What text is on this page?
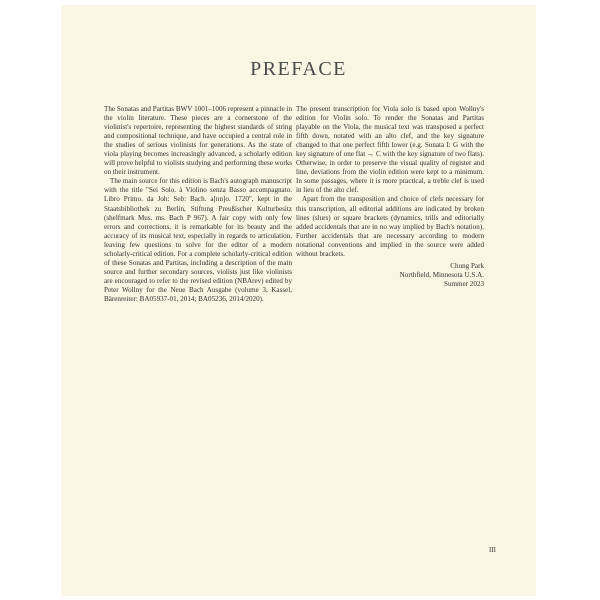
PREFACE

The Sonatas and Partitas BWV 1001–1006 represent a pinnacle in the violin literature. These pieces are a cornerstone of the violinist's repertoire, representing the highest standards of string and compositional technique, and have occupied a central role in the studies of serious violinists for generations. As the state of viola playing becomes increasingly advanced, a scholarly edition will prove helpful to violists studying and performing these works on their instrument.

The main source for this edition is Bach's autograph manuscript with the title "Sei Solo. à Violino senza Basso accompagnato. Libro Primo. da Joh: Seb: Bach. a[nn]o. 1720", kept in the Staatsbibliothek zu Berlin, Stiftung Preußischer Kulturbesitz (shelfmark Mus. ms. Bach P 967). A fair copy with only few errors and corrections, it is remarkable for its beauty and the accuracy of its musical text, especially in regards to articulation, leaving few questions to solve for the editor of a modern scholarly-critical edition. For a complete scholarly-critical edition of these Sonatas and Partitas, including a description of the main source and further secondary sources, violists just like violinists are encouraged to refer to the revised edition (NBArev) edited by Peter Wollny for the Neue Bach Ausgabe (volume 3, Kassel, Bärenreiter: BA05937-01, 2014; BA05236, 2014/2020).

The present transcription for Viola solo is based upon Wollny's edition for Violin solo. To render the Sonatas and Partitas playable on the Viola, the musical text was transposed a perfect fifth down, notated with an alto clef, and the key signature changed to that one perfect fifth lower (e.g. Sonata I: G with the key signature of one flat → C with the key signature of two flats). Otherwise, in order to preserve the visual quality of register and line, deviations from the violin edition were kept to a minimum. In some passages, where it is more practical, a treble clef is used in lieu of the alto clef.

Apart from the transposition and choice of clefs necessary for this transcription, all editorial additions are indicated by broken lines (slurs) or square brackets (dynamics, trills and editorially added accidentals that are in no way implied by Bach's notation). Further accidentals that are necessary according to modern notational conventions and implied in the source were added without brackets.

Chung Park
Northfield, Minnesota U.S.A.
Summer 2023
III
